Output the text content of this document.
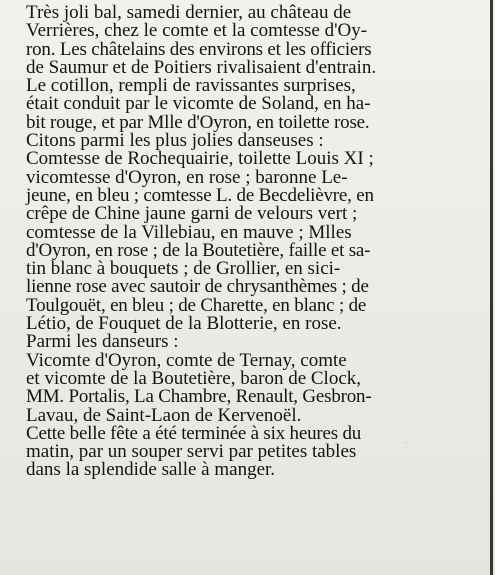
Très joli bal, samedi dernier, au château de
Verrières, chez le comte et la comtesse d'Oy-
ron. Les châtelains des environs et les officiers
de Saumur et de Poitiers rivalisaient d'entrain.

Le cotillon, rempli de ravissantes surprises,
était conduit par le vicomte de Soland, en ha-
bit rouge, et par Mlle d'Oyron, en toilette rose.

Citons parmi les plus jolies danseuses :

Comtesse de Rochequairie, toilette Louis XI ;
vicomtesse d'Oyron, en rose ; baronne Le-
jeune, en bleu ; comtesse L. de Becdelièvre, en
crêpe de Chine jaune garni de velours vert ;
comtesse de la Villebiau, en mauve ; Mlles
d'Oyron, en rose ; de la Boutetière, faille et sa-
tin blanc à bouquets ; de Grollier, en sici-
lienne rose avec sautoir de chrysanthèmes ; de
Toulgouët, en bleu ; de Charette, en blanc ; de
Létio, de Fouquet de la Blotterie, en rose.

Parmi les danseurs :

Vicomte d'Oyron, comte de Ternay, comte
et vicomte de la Boutetière, baron de Clock,
MM. Portalis, La Chambre, Renault, Gesbron-
Lavau, de Saint-Laon de Kervenoël.

Cette belle fête a été terminée à six heures du
matin, par un souper servi par petites tables
dans la splendide salle à manger.
